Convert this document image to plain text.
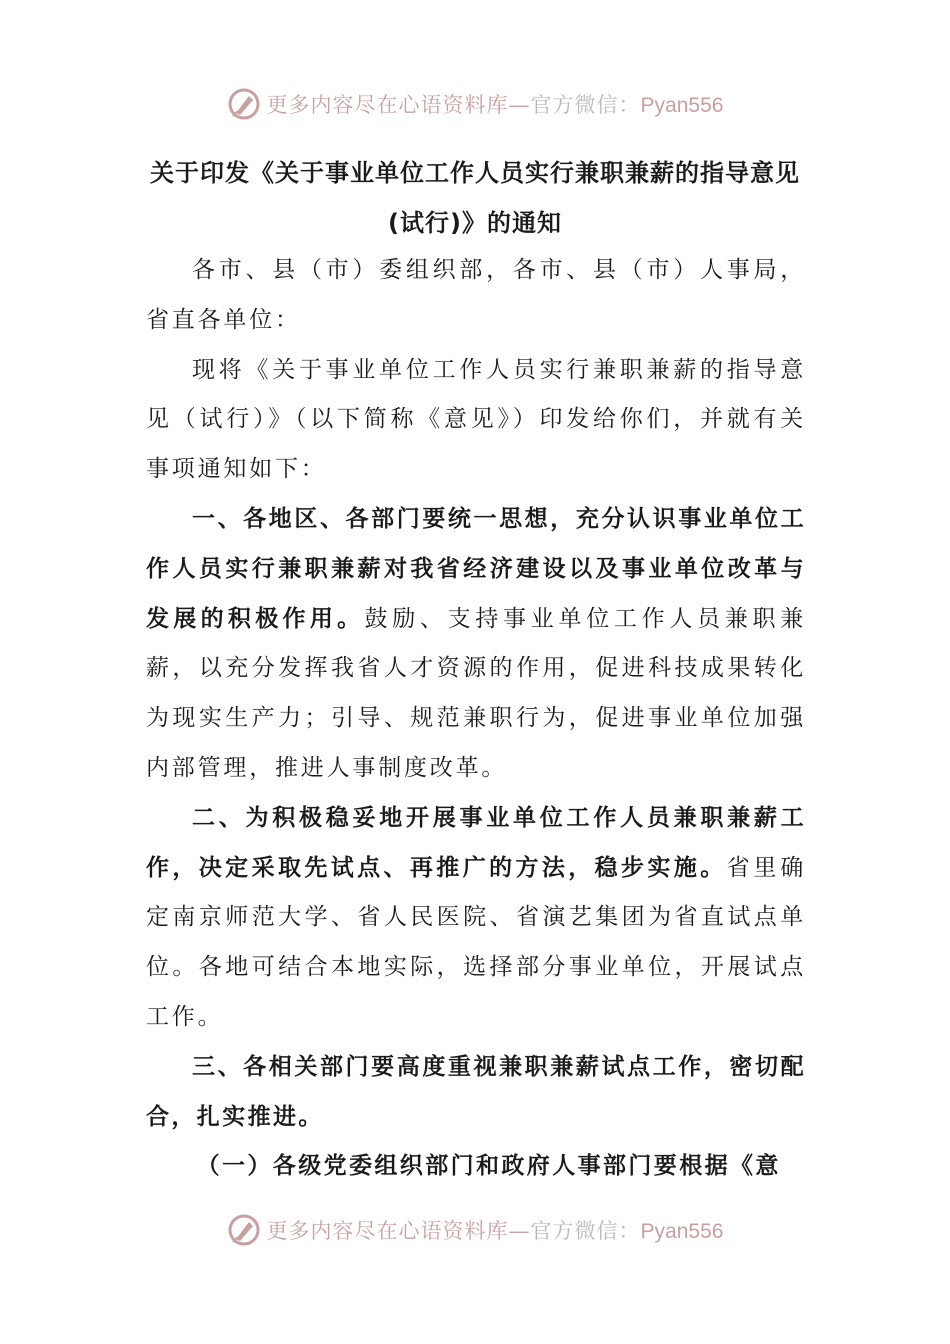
更多内容尽在心语资料库—官方微信：Pyan556
关于印发《关于事业单位工作人员实行兼职兼薪的指导意见(试行)》的通知

各市、县（市）委组织部，各市、县（市）人事局，省直各单位：

现将《关于事业单位工作人员实行兼职兼薪的指导意见（试行）》（以下简称《意见》）印发给你们，并就有关事项通知如下：

一、各地区、各部门要统一思想，充分认识事业单位工作人员实行兼职兼薪对我省经济建设以及事业单位改革与发展的积极作用。鼓励、支持事业单位工作人员兼职兼薪，以充分发挥我省人才资源的作用，促进科技成果转化为现实生产力；引导、规范兼职行为，促进事业单位加强内部管理，推进人事制度改革。

二、为积极稳妥地开展事业单位工作人员兼职兼薪工作，决定采取先试点、再推广的方法，稳步实施。省里确定南京师范大学、省人民医院、省演艺集团为省直试点单位。各地可结合本地实际，选择部分事业单位，开展试点工作。

三、各相关部门要高度重视兼职兼薪试点工作，密切配合，扎实推进。

（一）各级党委组织部门和政府人事部门要根据《意

更多内容尽在心语资料库—官方微信：Pyan556
